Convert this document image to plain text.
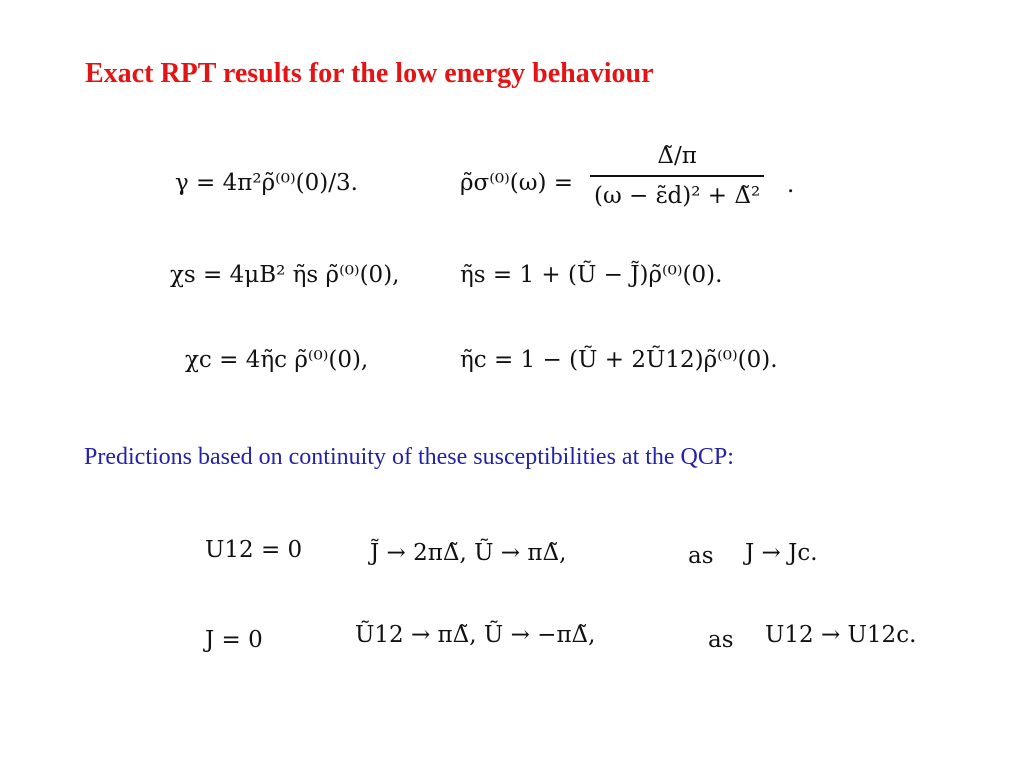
Exact RPT results for the low energy behaviour
γ = 4π²ρ̃⁽⁰⁾(0)/3.	ρ̃σ⁽⁰⁾(ω) =
Δ̃/π
(ω − ε̃d)² + Δ̃² .
χs = 4μB² η̃s ρ̃⁽⁰⁾(0),	η̃s = 1 + (Ũ − J̃)ρ̃⁽⁰⁾(0).
χc = 4η̃c ρ̃⁽⁰⁾(0),	η̃c = 1 − (Ũ + 2Ũ12)ρ̃⁽⁰⁾(0).
Predictions based on continuity of these susceptibilities at the QCP:
U12 = 0	J̃ → 2πΔ̃, Ũ → πΔ̃,	as J → Jc.
J = 0	Ũ12 → πΔ̃, Ũ → −πΔ̃,	as U12 → U12c.
